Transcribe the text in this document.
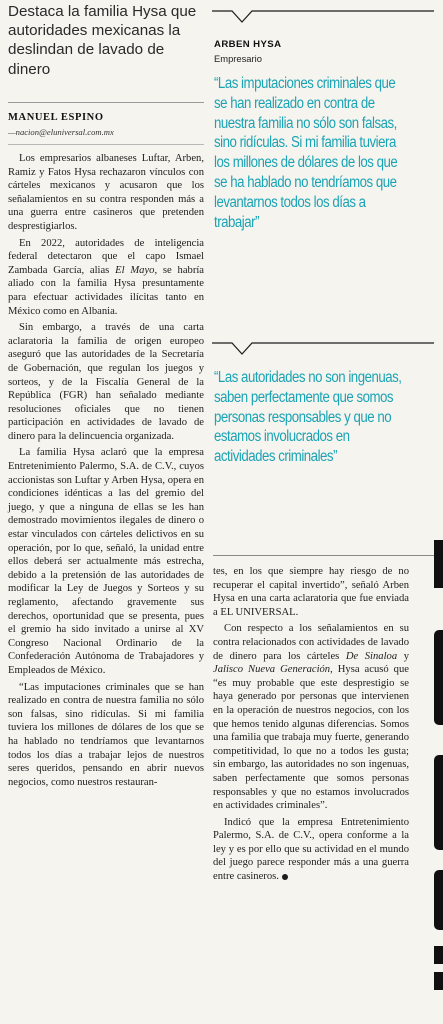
Destaca la familia Hysa que autoridades mexicanas la deslindan de lavado de dinero
MANUEL ESPINO
—nacion@eluniversal.com.mx

Los empresarios albaneses Luftar, Arben, Ramiz y Fatos Hysa rechazaron vínculos con cárteles mexicanos y acusaron que los señalamientos en su contra responden más a una guerra entre casineros que pretenden desprestigiarlos.

En 2022, autoridades de inteligencia federal detectaron que el capo Ismael Zambada García, alias El Mayo, se habría aliado con la familia Hysa presuntamente para efectuar actividades ilícitas tanto en México como en Albania.

Sin embargo, a través de una carta aclaratoria la familia de origen europeo aseguró que las autoridades de la Secretaría de Gobernación, que regulan los juegos y sorteos, y de la Fiscalía General de la República (FGR) han señalado mediante resoluciones oficiales que no tienen participación en actividades de lavado de dinero para la delincuencia organizada.

La familia Hysa aclaró que la empresa Entretenimiento Palermo, S.A. de C.V., cuyos accionistas son Luftar y Arben Hysa, opera en condiciones idénticas a las del gremio del juego, y que a ninguna de ellas se les han demostrado movimientos ilegales de dinero o estar vinculados con cárteles delictivos en su operación, por lo que, señaló, la unidad entre ellos deberá ser actualmente más estrecha, debido a la pretensión de las autoridades de modificar la Ley de Juegos y Sorteos y su reglamento, afectando gravemente sus derechos, oportunidad que se presenta, pues el gremio ha sido invitado a unirse al XV Congreso Nacional Ordinario de la Confederación Autónoma de Trabajadores y Empleados de México.

“Las imputaciones criminales que se han realizado en contra de nuestra familia no sólo son falsas, sino ridículas. Si mi familia tuviera los millones de dólares de los que se ha hablado no tendríamos que levantarnos todos los días a trabajar lejos de nuestros seres queridos, pensando en abrir nuevos negocios, como nuestros restauran-

ARBEN HYSA
Empresario
“Las imputaciones criminales que se han realizado en contra de nuestra familia no sólo son falsas, sino ridículas. Si mi familia tuviera los millones de dólares de los que se ha hablado no tendríamos que levantarnos todos los días a trabajar”
“Las autoridades no son ingenuas, saben perfectamente que somos personas responsables y que no estamos involucrados en actividades criminales”

tes, en los que siempre hay riesgo de no recuperar el capital invertido”, señaló Arben Hysa en una carta aclaratoria que fue enviada a EL UNIVERSAL.

Con respecto a los señalamientos en su contra relacionados con actividades de lavado de dinero para los cárteles De Sinaloa y Jalisco Nueva Generación, Hysa acusó que “es muy probable que este desprestigio se haya generado por personas que intervienen en la operación de nuestros negocios, con los que hemos tenido algunas diferencias. Somos una familia que trabaja muy fuerte, generando competitividad, lo que no a todos les gusta; sin embargo, las autoridades no son ingenuas, saben perfectamente que somos personas responsables y que no estamos involucrados en actividades criminales”.

Indicó que la empresa Entretenimiento Palermo, S.A. de C.V., opera conforme a la ley y es por ello que su actividad en el mundo del juego parece responder más a una guerra entre casineros.
